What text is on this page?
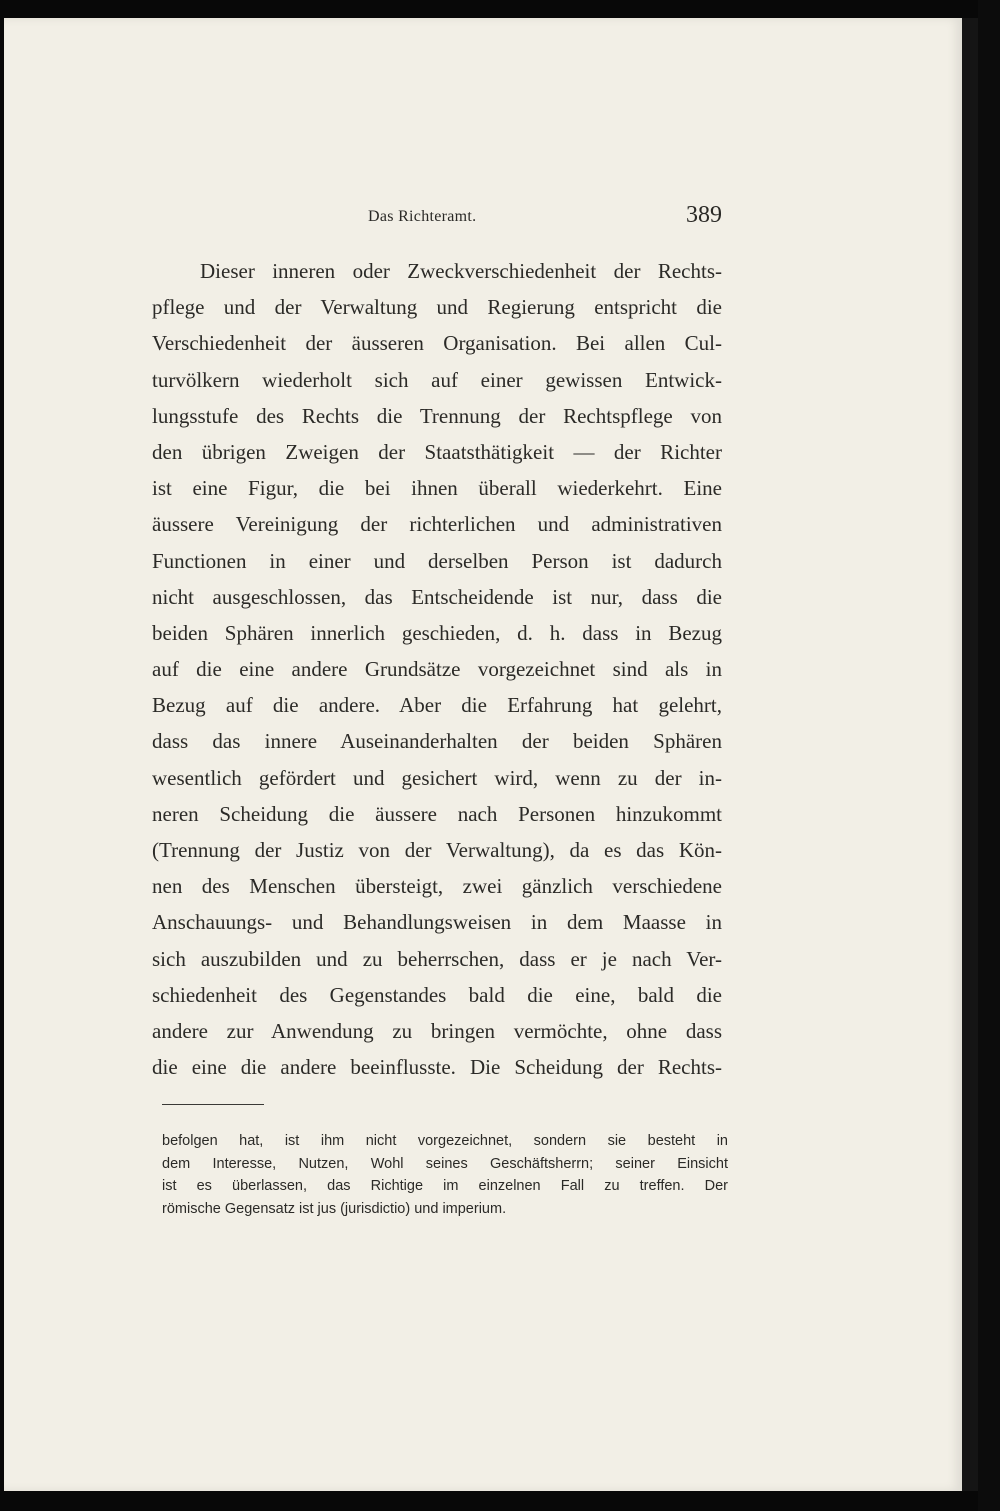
Das Richteramt.	389
Dieser inneren oder Zweckverschiedenheit der Rechts-
pflege und der Verwaltung und Regierung entspricht die
Verschiedenheit der äusseren Organisation. Bei allen Cul-
turvölkern wiederholt sich auf einer gewissen Entwick-
lungsstufe des Rechts die Trennung der Rechtspflege von
den übrigen Zweigen der Staatsthätigkeit — der Richter
ist eine Figur, die bei ihnen überall wiederkehrt. Eine
äussere Vereinigung der richterlichen und administrativen
Functionen in einer und derselben Person ist dadurch
nicht ausgeschlossen, das Entscheidende ist nur, dass die
beiden Sphären innerlich geschieden, d. h. dass in Bezug
auf die eine andere Grundsätze vorgezeichnet sind als in
Bezug auf die andere. Aber die Erfahrung hat gelehrt,
dass das innere Auseinanderhalten der beiden Sphären
wesentlich gefördert und gesichert wird, wenn zu der in-
neren Scheidung die äussere nach Personen hinzukommt
(Trennung der Justiz von der Verwaltung), da es das Kön-
nen des Menschen übersteigt, zwei gänzlich verschiedene
Anschauungs- und Behandlungsweisen in dem Maasse in
sich auszubilden und zu beherrschen, dass er je nach Ver-
schiedenheit des Gegenstandes bald die eine, bald die
andere zur Anwendung zu bringen vermöchte, ohne dass
die eine die andere beeinflusste. Die Scheidung der Rechts-
befolgen hat, ist ihm nicht vorgezeichnet, sondern sie besteht in
dem Interesse, Nutzen, Wohl seines Geschäftsherrn; seiner Einsicht
ist es überlassen, das Richtige im einzelnen Fall zu treffen. Der
römische Gegensatz ist jus (jurisdictio) und imperium.
